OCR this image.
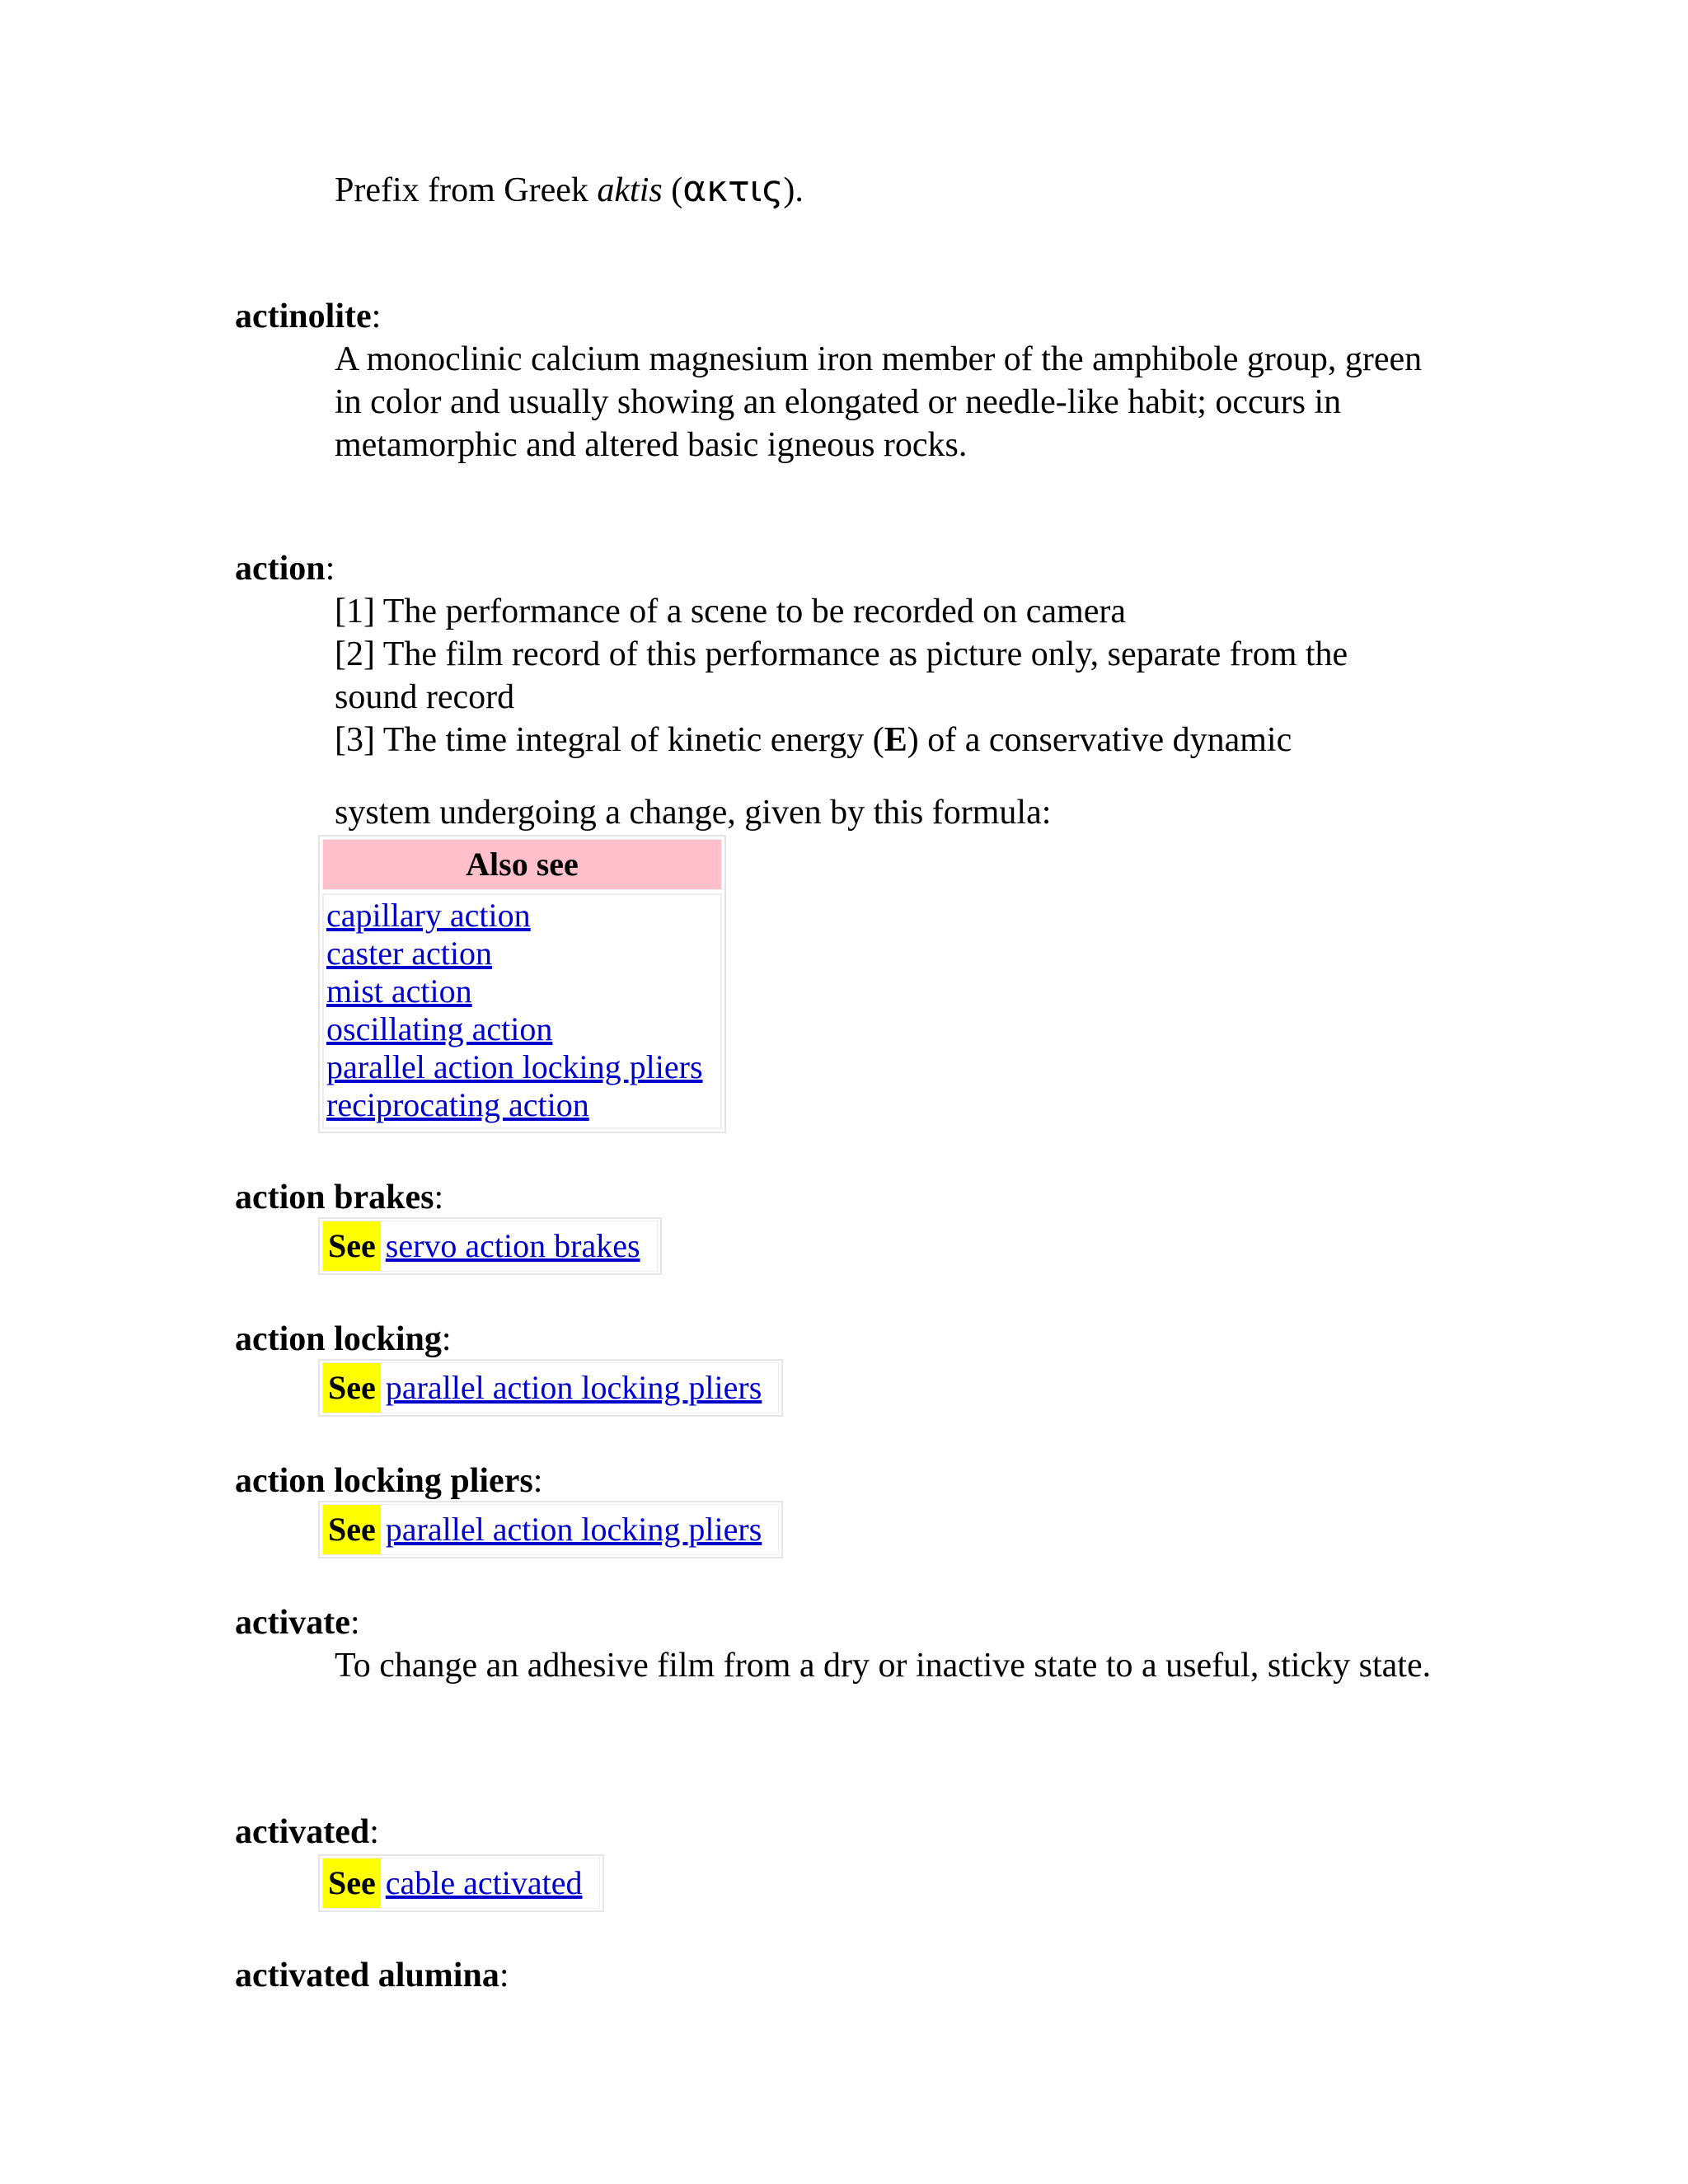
Prefix from Greek aktis (ακτις).
actinolite:

A monoclinic calcium magnesium iron member of the amphibole group, green in color and usually showing an elongated or needle-like habit; occurs in metamorphic and altered basic igneous rocks.

action:

[1] The performance of a scene to be recorded on camera

[2] The film record of this performance as picture only, separate from the sound record

[3] The time integral of kinetic energy (E) of a conservative dynamic

system undergoing a change, given by this formula:

Also see
capillary action
caster action
mist action
oscillating action
parallel action locking pliers
reciprocating action
action brakes:
See servo action brakes
action locking:
See parallel action locking pliers
action locking pliers:
See parallel action locking pliers
activate:

To change an adhesive film from a dry or inactive state to a useful, sticky state.

activated:
See cable activated
activated alumina:
